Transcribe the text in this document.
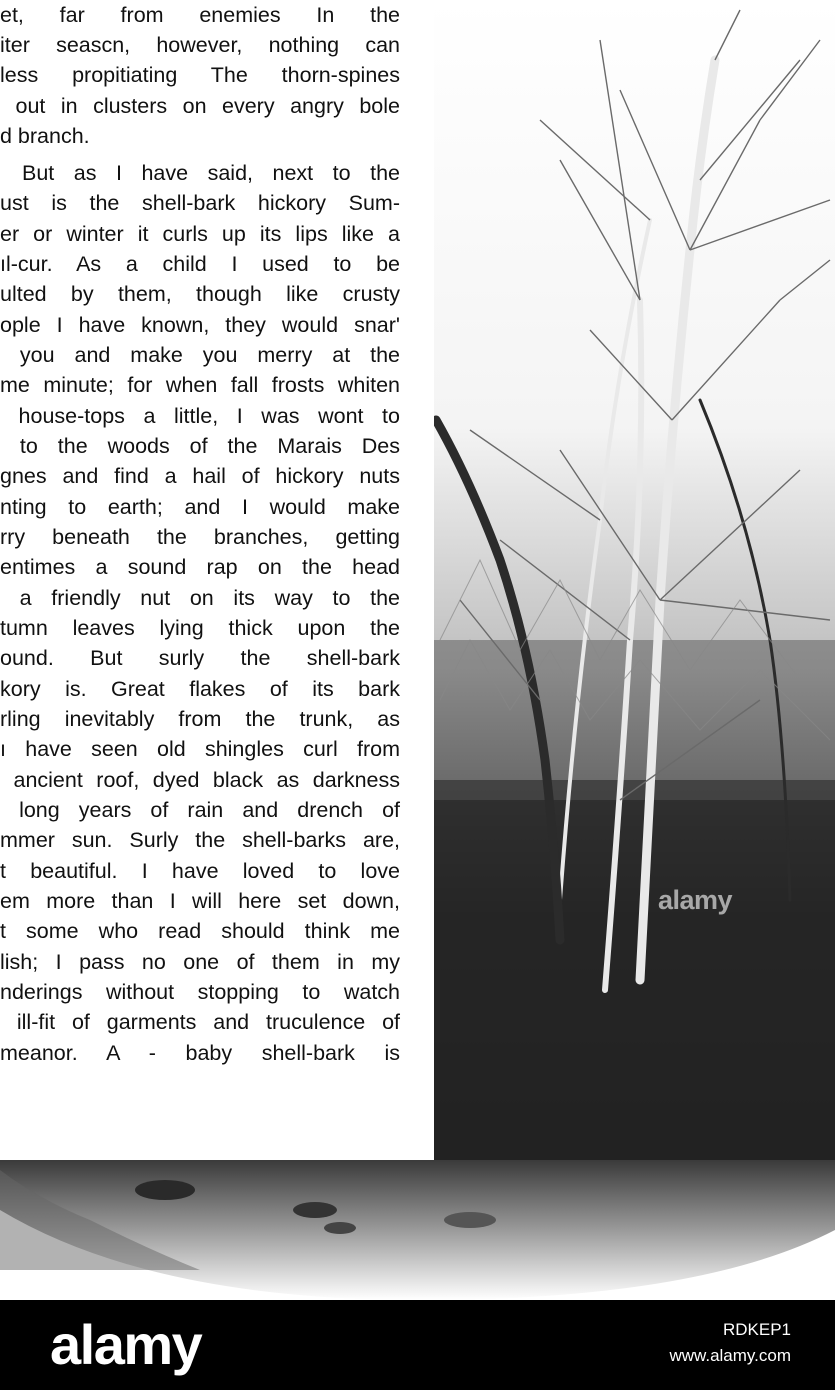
et, far from enemies In the
iter seascn, however, nothing can
less propitiating The thorn-spines
out in clusters on every angry bole
d branch.
But as I have said, next to the
ust is the shell-bark hickory Sum-
er or winter it curls up its lips like a
ıl-cur. As a child I used to be
ulted by them, though like crusty
ople I have known, they would snar'
you and make you merry at the
me minute; for when fall frosts whiten
house-tops a little, I was wont to
to the woods of the Marais Des
gnes and find a hail of hickory nuts
nting to earth; and I would make
rry beneath the branches, getting
entimes a sound rap on the head
a friendly nut on its way to the
tumn leaves lying thick upon the
ound. But surly the shell-bark
kory is. Great flakes of its bark
rling inevitably from the trunk, as
ı have seen old shingles curl from
ancient roof, dyed black as darkness
long years of rain and drench of
mmer sun. Surly the shell-barks are,
t beautiful. I have loved to love
em more than I will here set down,
t some who read should think me
lish; I pass no one of them in my
nderings without stopping to watch
ill-fit of garments and truculence of
meanor. A - baby shell-bark is
alamy
alamy	RDKEP1
www.alamy.com
